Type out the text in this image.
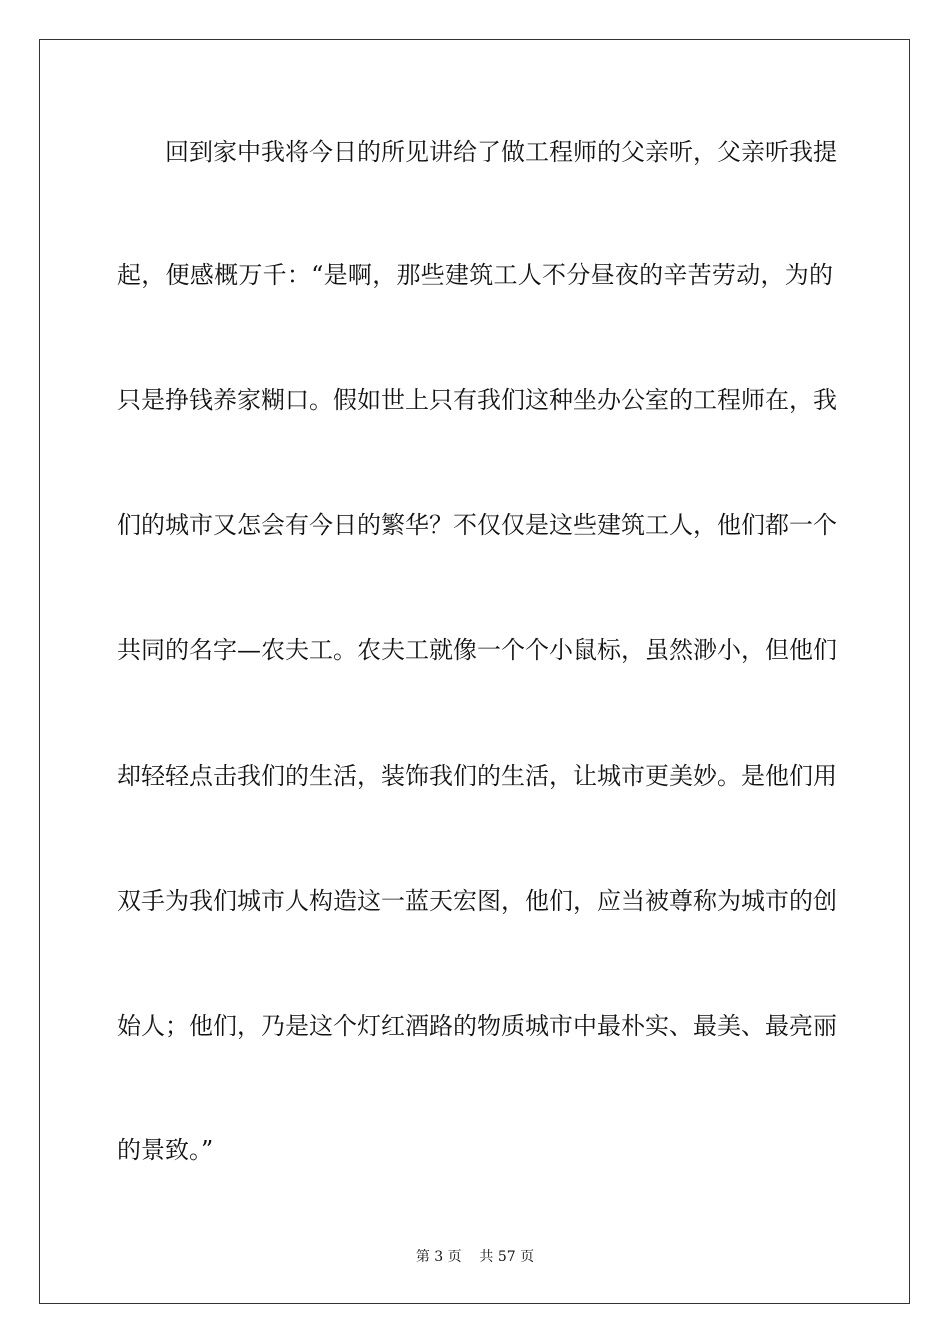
回到家中我将今日的所见讲给了做工程师的父亲听，父亲听我提
起，便感概万千：“是啊，那些建筑工人不分昼夜的辛苦劳动，为的
只是挣钱养家糊口。假如世上只有我们这种坐办公室的工程师在，我
们的城市又怎会有今日的繁华？不仅仅是这些建筑工人，他们都一个
共同的名字—农夫工。农夫工就像一个个小鼠标，虽然渺小，但他们
却轻轻点击我们的生活，装饰我们的生活，让城市更美妙。是他们用
双手为我们城市人构造这一蓝天宏图，他们，应当被尊称为城市的创
始人；他们，乃是这个灯红酒路的物质城市中最朴实、最美、最亮丽
的景致。”
第 3 页    共 57 页
